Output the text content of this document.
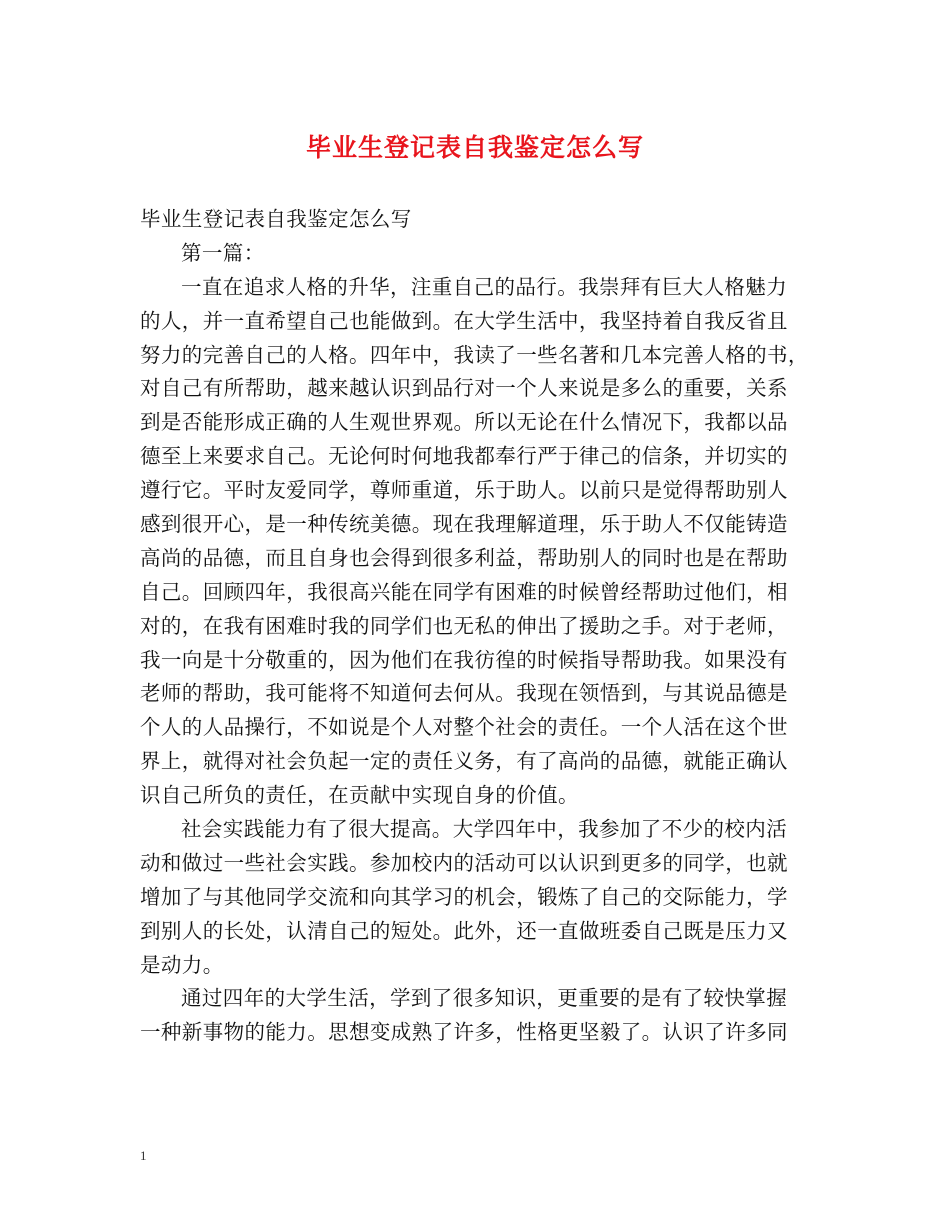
毕业生登记表自我鉴定怎么写
毕业生登记表自我鉴定怎么写
第一篇：
一直在追求人格的升华，注重自己的品行。我崇拜有巨大人格魅力
的人，并一直希望自己也能做到。在大学生活中，我坚持着自我反省且
努力的完善自己的人格。四年中，我读了一些名著和几本完善人格的书，
对自己有所帮助，越来越认识到品行对一个人来说是多么的重要，关系
到是否能形成正确的人生观世界观。所以无论在什么情况下，我都以品
德至上来要求自己。无论何时何地我都奉行严于律己的信条，并切实的
遵行它。平时友爱同学，尊师重道，乐于助人。以前只是觉得帮助别人
感到很开心，是一种传统美德。现在我理解道理，乐于助人不仅能铸造
高尚的品德，而且自身也会得到很多利益，帮助别人的同时也是在帮助
自己。回顾四年，我很高兴能在同学有困难的时候曾经帮助过他们，相
对的，在我有困难时我的同学们也无私的伸出了援助之手。对于老师，
我一向是十分敬重的，因为他们在我彷徨的时候指导帮助我。如果没有
老师的帮助，我可能将不知道何去何从。我现在领悟到，与其说品德是
个人的人品操行，不如说是个人对整个社会的责任。一个人活在这个世
界上，就得对社会负起一定的责任义务，有了高尚的品德，就能正确认
识自己所负的责任，在贡献中实现自身的价值。
社会实践能力有了很大提高。大学四年中，我参加了不少的校内活
动和做过一些社会实践。参加校内的活动可以认识到更多的同学，也就
增加了与其他同学交流和向其学习的机会，锻炼了自己的交际能力，学
到别人的长处，认清自己的短处。此外，还一直做班委自己既是压力又
是动力。
通过四年的大学生活，学到了很多知识，更重要的是有了较快掌握
一种新事物的能力。思想变成熟了许多，性格更坚毅了。认识了许多同
1
